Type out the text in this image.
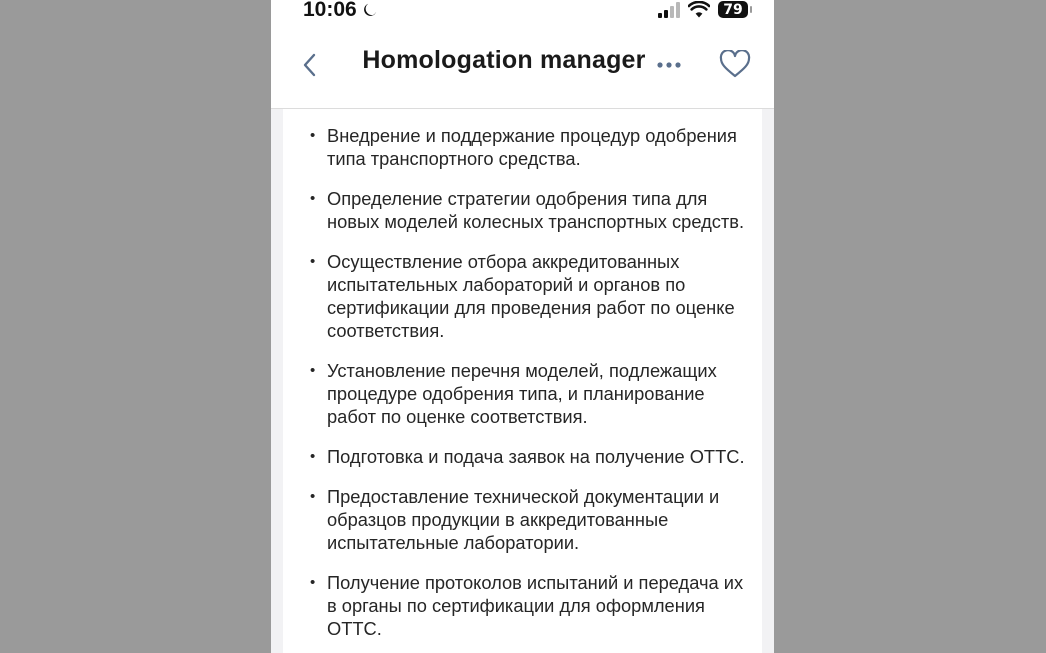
10:06	79
Homologation manager
• Внедрение и поддержание процедур одобрения типа транспортного средства.
• Определение стратегии одобрения типа для новых моделей колесных транспортных средств.
• Осуществление отбора аккредитованных испытательных лабораторий и органов по сертификации для проведения работ по оценке соответствия.
• Установление перечня моделей, подлежащих процедуре одобрения типа, и планирование работ по оценке соответствия.
• Подготовка и подача заявок на получение ОТТС.
• Предоставление технической документации и образцов продукции в аккредитованные испытательные лаборатории.
• Получение протоколов испытаний и передача их в органы по сертификации для оформления ОТТС.
